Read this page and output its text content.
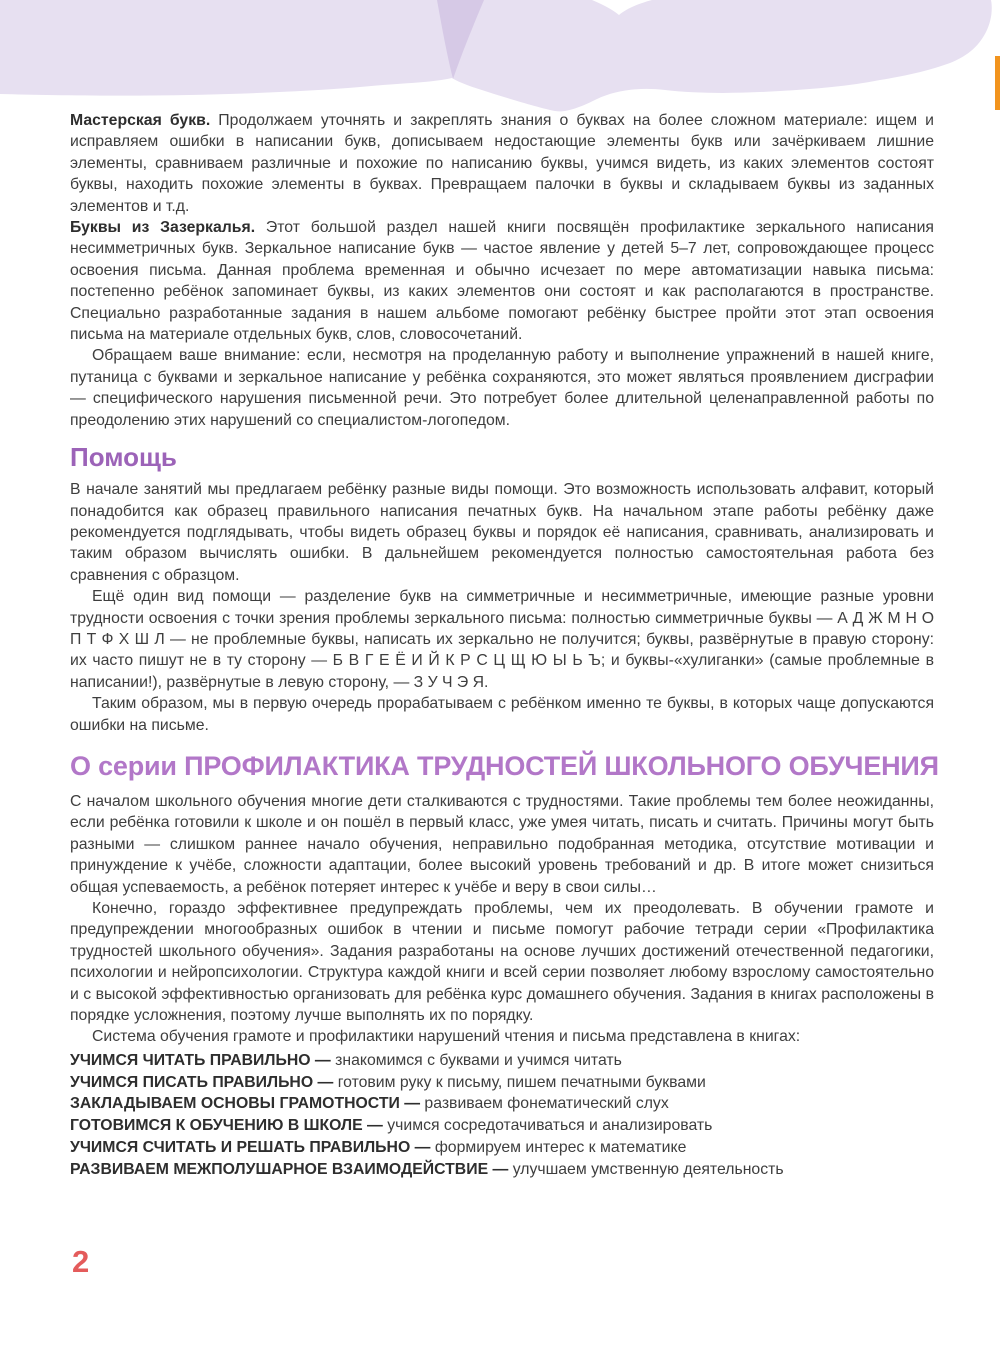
Мастерская букв. Продолжаем уточнять и закреплять знания о буквах на более сложном материале: ищем и исправляем ошибки в написании букв, дописываем недостающие элементы букв или зачёркиваем лишние элементы, сравниваем различные и похожие по написанию буквы, учимся видеть, из каких элементов состоят буквы, находить похожие элементы в буквах. Превращаем палочки в буквы и складываем буквы из заданных элементов и т.д.

Буквы из Зазеркалья. Этот большой раздел нашей книги посвящён профилактике зеркального написания несимметричных букв. Зеркальное написание букв — частое явление у детей 5–7 лет, сопровождающее процесс освоения письма. Данная проблема временная и обычно исчезает по мере автоматизации навыка письма: постепенно ребёнок запоминает буквы, из каких элементов они состоят и как располагаются в пространстве. Специально разработанные задания в нашем альбоме помогают ребёнку быстрее пройти этот этап освоения письма на материале отдельных букв, слов, словосочетаний.

Обращаем ваше внимание: если, несмотря на проделанную работу и выполнение упражнений в нашей книге, путаница с буквами и зеркальное написание у ребёнка сохраняются, это может являться проявлением дисграфии — специфического нарушения письменной речи. Это потребует более длительной целенаправленной работы по преодолению этих нарушений со специалистом-логопедом.

Помощь

В начале занятий мы предлагаем ребёнку разные виды помощи. Это возможность использовать алфавит, который понадобится как образец правильного написания печатных букв. На начальном этапе работы ребёнку даже рекомендуется подглядывать, чтобы видеть образец буквы и порядок её написания, сравнивать, анализировать и таким образом вычислять ошибки. В дальнейшем рекомендуется полностью самостоятельная работа без сравнения с образцом.

Ещё один вид помощи — разделение букв на симметричные и несимметричные, имеющие разные уровни трудности освоения с точки зрения проблемы зеркального письма: полностью симметричные буквы — А Д Ж М Н О П Т Ф Х Ш Л — не проблемные буквы, написать их зеркально не получится; буквы, развёрнутые в правую сторону: их часто пишут не в ту сторону — Б В Г Е Ё И Й К Р С Ц Щ Ю Ы Ь Ъ; и буквы-«хулиганки» (самые проблемные в написании!), развёрнутые в левую сторону, — З У Ч Э Я.

Таким образом, мы в первую очередь прорабатываем с ребёнком именно те буквы, в которых чаще допускаются ошибки на письме.

О серии ПРОФИЛАКТИКА ТРУДНОСТЕЙ ШКОЛЬНОГО ОБУЧЕНИЯ

С началом школьного обучения многие дети сталкиваются с трудностями. Такие проблемы тем более неожиданны, если ребёнка готовили к школе и он пошёл в первый класс, уже умея читать, писать и считать. Причины могут быть разными — слишком раннее начало обучения, неправильно подобранная методика, отсутствие мотивации и принуждение к учёбе, сложности адаптации, более высокий уровень требований и др. В итоге может снизиться общая успеваемость, а ребёнок потеряет интерес к учёбе и веру в свои силы…

Конечно, гораздо эффективнее предупреждать проблемы, чем их преодолевать. В обучении грамоте и предупреждении многообразных ошибок в чтении и письме помогут рабочие тетради серии «Профилактика трудностей школьного обучения». Задания разработаны на основе лучших достижений отечественной педагогики, психологии и нейропсихологии. Структура каждой книги и всей серии позволяет любому взрослому самостоятельно и с высокой эффективностью организовать для ребёнка курс домашнего обучения. Задания в книгах расположены в порядке усложнения, поэтому лучше выполнять их по порядку.

Система обучения грамоте и профилактики нарушений чтения и письма представлена в книгах:

УЧИМСЯ ЧИТАТЬ ПРАВИЛЬНО — знакомимся с буквами и учимся читать
УЧИМСЯ ПИСАТЬ ПРАВИЛЬНО — готовим руку к письму, пишем печатными буквами
ЗАКЛАДЫВАЕМ ОСНОВЫ ГРАМОТНОСТИ — развиваем фонематический слух
ГОТОВИМСЯ К ОБУЧЕНИЮ В ШКОЛЕ — учимся сосредотачиваться и анализировать
УЧИМСЯ СЧИТАТЬ И РЕШАТЬ ПРАВИЛЬНО — формируем интерес к математике
РАЗВИВАЕМ МЕЖПОЛУШАРНОЕ ВЗАИМОДЕЙСТВИЕ — улучшаем умственную деятельность
2
